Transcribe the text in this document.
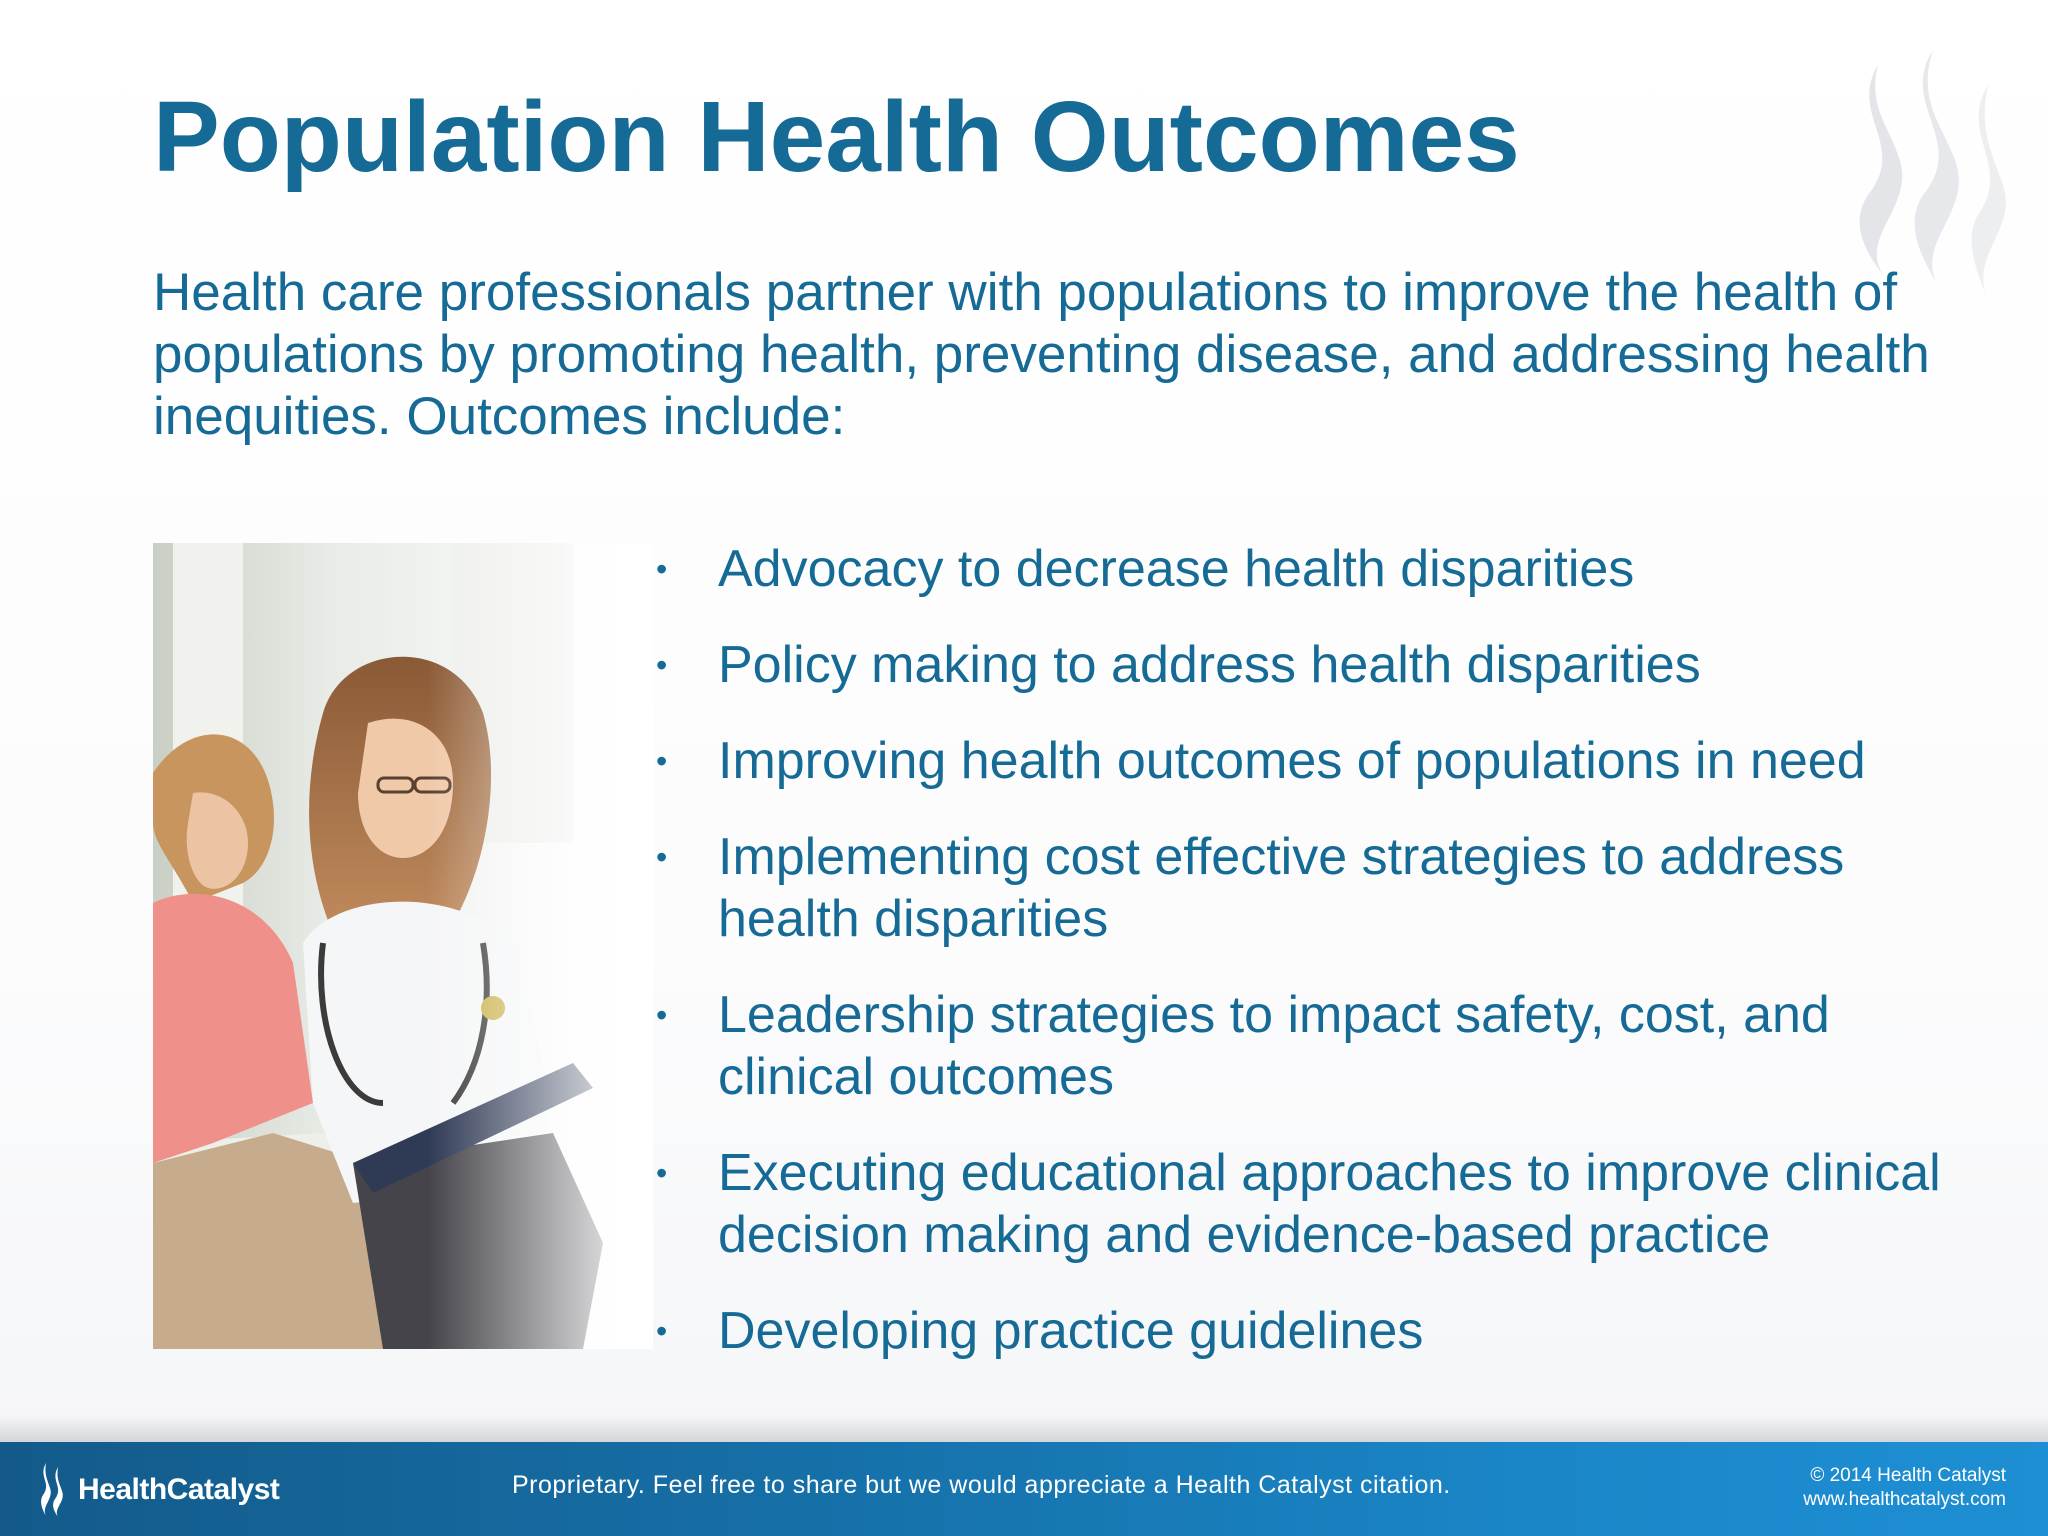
Population Health Outcomes

Health care professionals partner with populations to improve the health of populations by promoting health, preventing disease, and addressing health inequities. Outcomes include:

• Advocacy to decrease health disparities
• Policy making to address health disparities
• Improving health outcomes of populations in need
• Implementing cost effective strategies to address health disparities
• Leadership strategies to impact safety, cost, and clinical outcomes
• Executing educational approaches to improve clinical decision making and evidence-based practice
• Developing practice guidelines
HealthCatalyst	Proprietary. Feel free to share but we would appreciate a Health Catalyst citation.	© 2014 Health Catalyst
www.healthcatalyst.com
